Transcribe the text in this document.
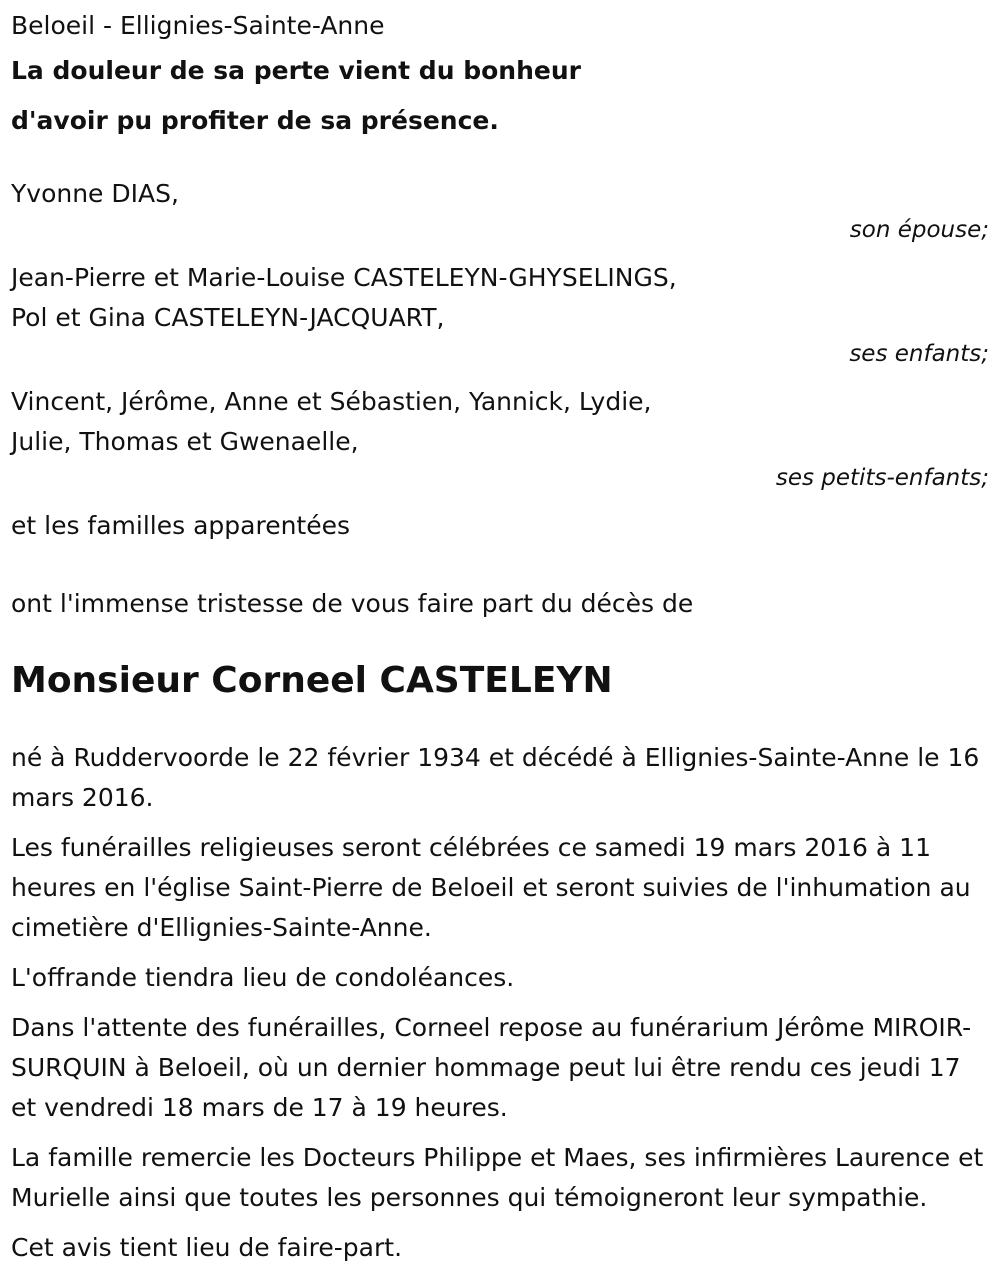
Beloeil - Ellignies-Sainte-Anne

La douleur de sa perte vient du bonheur

d'avoir pu profiter de sa présence.

Yvonne DIAS,

son épouse;

Jean-Pierre et Marie-Louise CASTELEYN-GHYSELINGS,

Pol et Gina CASTELEYN-JACQUART,

ses enfants;

Vincent, Jérôme, Anne et Sébastien, Yannick, Lydie,

Julie, Thomas et Gwenaelle,

ses petits-enfants;

et les familles apparentées

ont l'immense tristesse de vous faire part du décès de

Monsieur Corneel CASTELEYN

né à Ruddervoorde le 22 février 1934 et décédé à Ellignies-Sainte-Anne le 16 mars 2016.

Les funérailles religieuses seront célébrées ce samedi 19 mars 2016 à 11 heures en l'église Saint-Pierre de Beloeil et seront suivies de l'inhumation au cimetière d'Ellignies-Sainte-Anne.

L'offrande tiendra lieu de condoléances.

Dans l'attente des funérailles, Corneel repose au funérarium Jérôme MIROIR-SURQUIN à Beloeil, où un dernier hommage peut lui être rendu ces jeudi 17 et vendredi 18 mars de 17 à 19 heures.

La famille remercie les Docteurs Philippe et Maes, ses infirmières Laurence et Murielle ainsi que toutes les personnes qui témoigneront leur sympathie.

Cet avis tient lieu de faire-part.
